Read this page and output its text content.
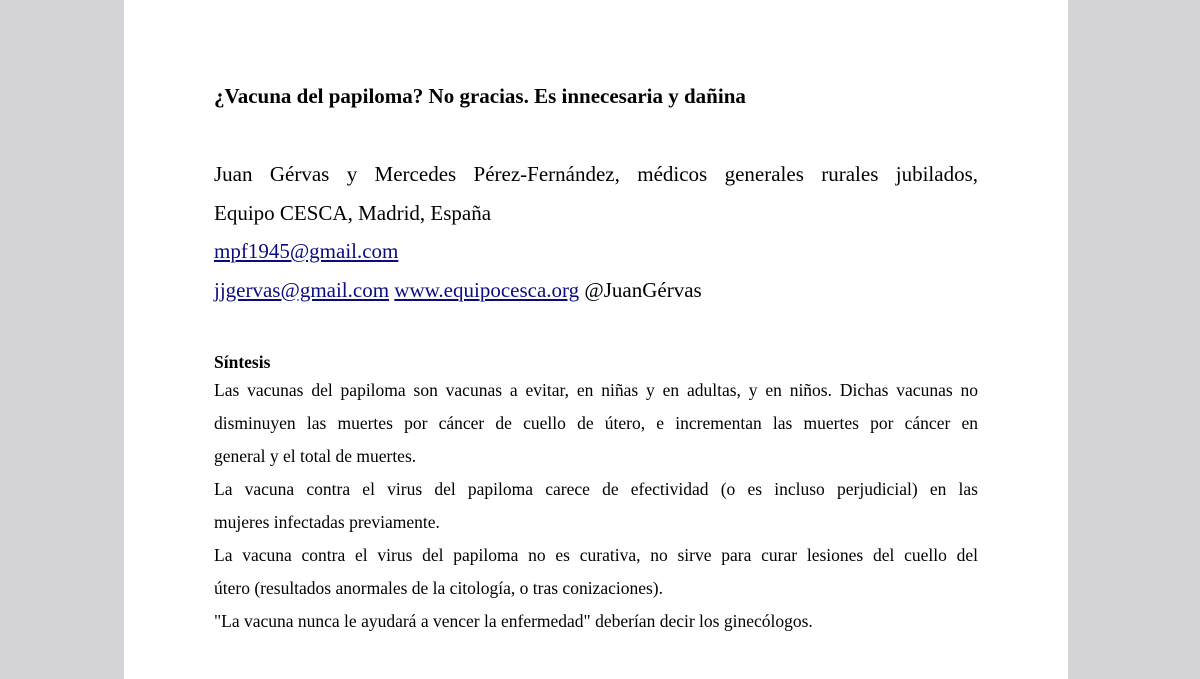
¿Vacuna del papiloma? No gracias. Es innecesaria y dañina
Juan Gérvas y Mercedes Pérez-Fernández, médicos generales rurales jubilados,
Equipo CESCA, Madrid, España
mpf1945@gmail.com
jjgervas@gmail.com www.equipocesca.org @JuanGérvas
Síntesis

Las vacunas del papiloma son vacunas a evitar, en niñas y en adultas, y en niños. Dichas vacunas no
disminuyen las muertes por cáncer de cuello de útero, e incrementan las muertes por cáncer en
general y el total de muertes.

La vacuna contra el virus del papiloma carece de efectividad (o es incluso perjudicial) en las
mujeres infectadas previamente.

La vacuna contra el virus del papiloma no es curativa, no sirve para curar lesiones del cuello del
útero (resultados anormales de la citología, o tras conizaciones).

"La vacuna nunca le ayudará a vencer la enfermedad" deberían decir los ginecólogos.
